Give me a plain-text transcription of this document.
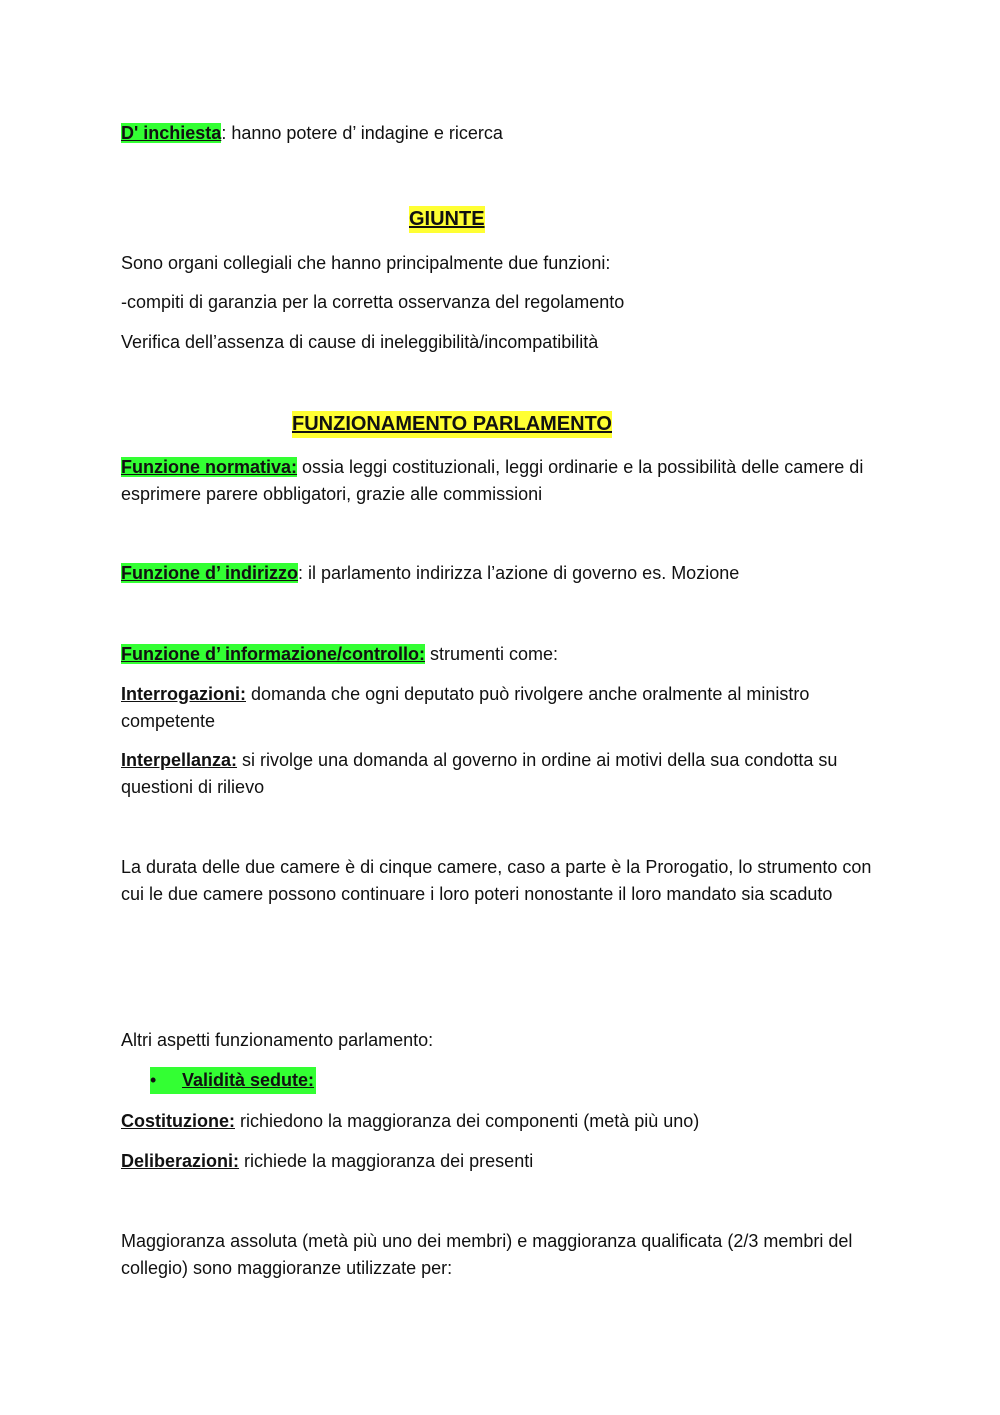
D' inchiesta: hanno potere d’ indagine e ricerca

GIUNTE

Sono organi collegiali che hanno principalmente due funzioni:

-compiti di garanzia per la corretta osservanza del regolamento

Verifica dell’assenza di cause di ineleggibilità/incompatibilità

FUNZIONAMENTO PARLAMENTO

Funzione normativa: ossia leggi costituzionali, leggi ordinarie e la possibilità delle camere di esprimere parere obbligatori, grazie alle commissioni

Funzione d’ indirizzo: il parlamento indirizza l’azione di governo es. Mozione

Funzione d’ informazione/controllo: strumenti come:

Interrogazioni: domanda che ogni deputato può rivolgere anche oralmente al ministro competente

Interpellanza: si rivolge una domanda al governo in ordine ai motivi della sua condotta su questioni di rilievo

La durata delle due camere è di cinque camere, caso a parte è la Prorogatio, lo strumento con cui le due camere possono continuare i loro poteri nonostante il loro mandato sia scaduto

Altri aspetti funzionamento parlamento:

• Validità sedute:

Costituzione: richiedono la maggioranza dei componenti (metà più uno)

Deliberazioni: richiede la maggioranza dei presenti

Maggioranza assoluta (metà più uno dei membri) e maggioranza qualificata (2/3 membri del collegio) sono maggioranze utilizzate per:
